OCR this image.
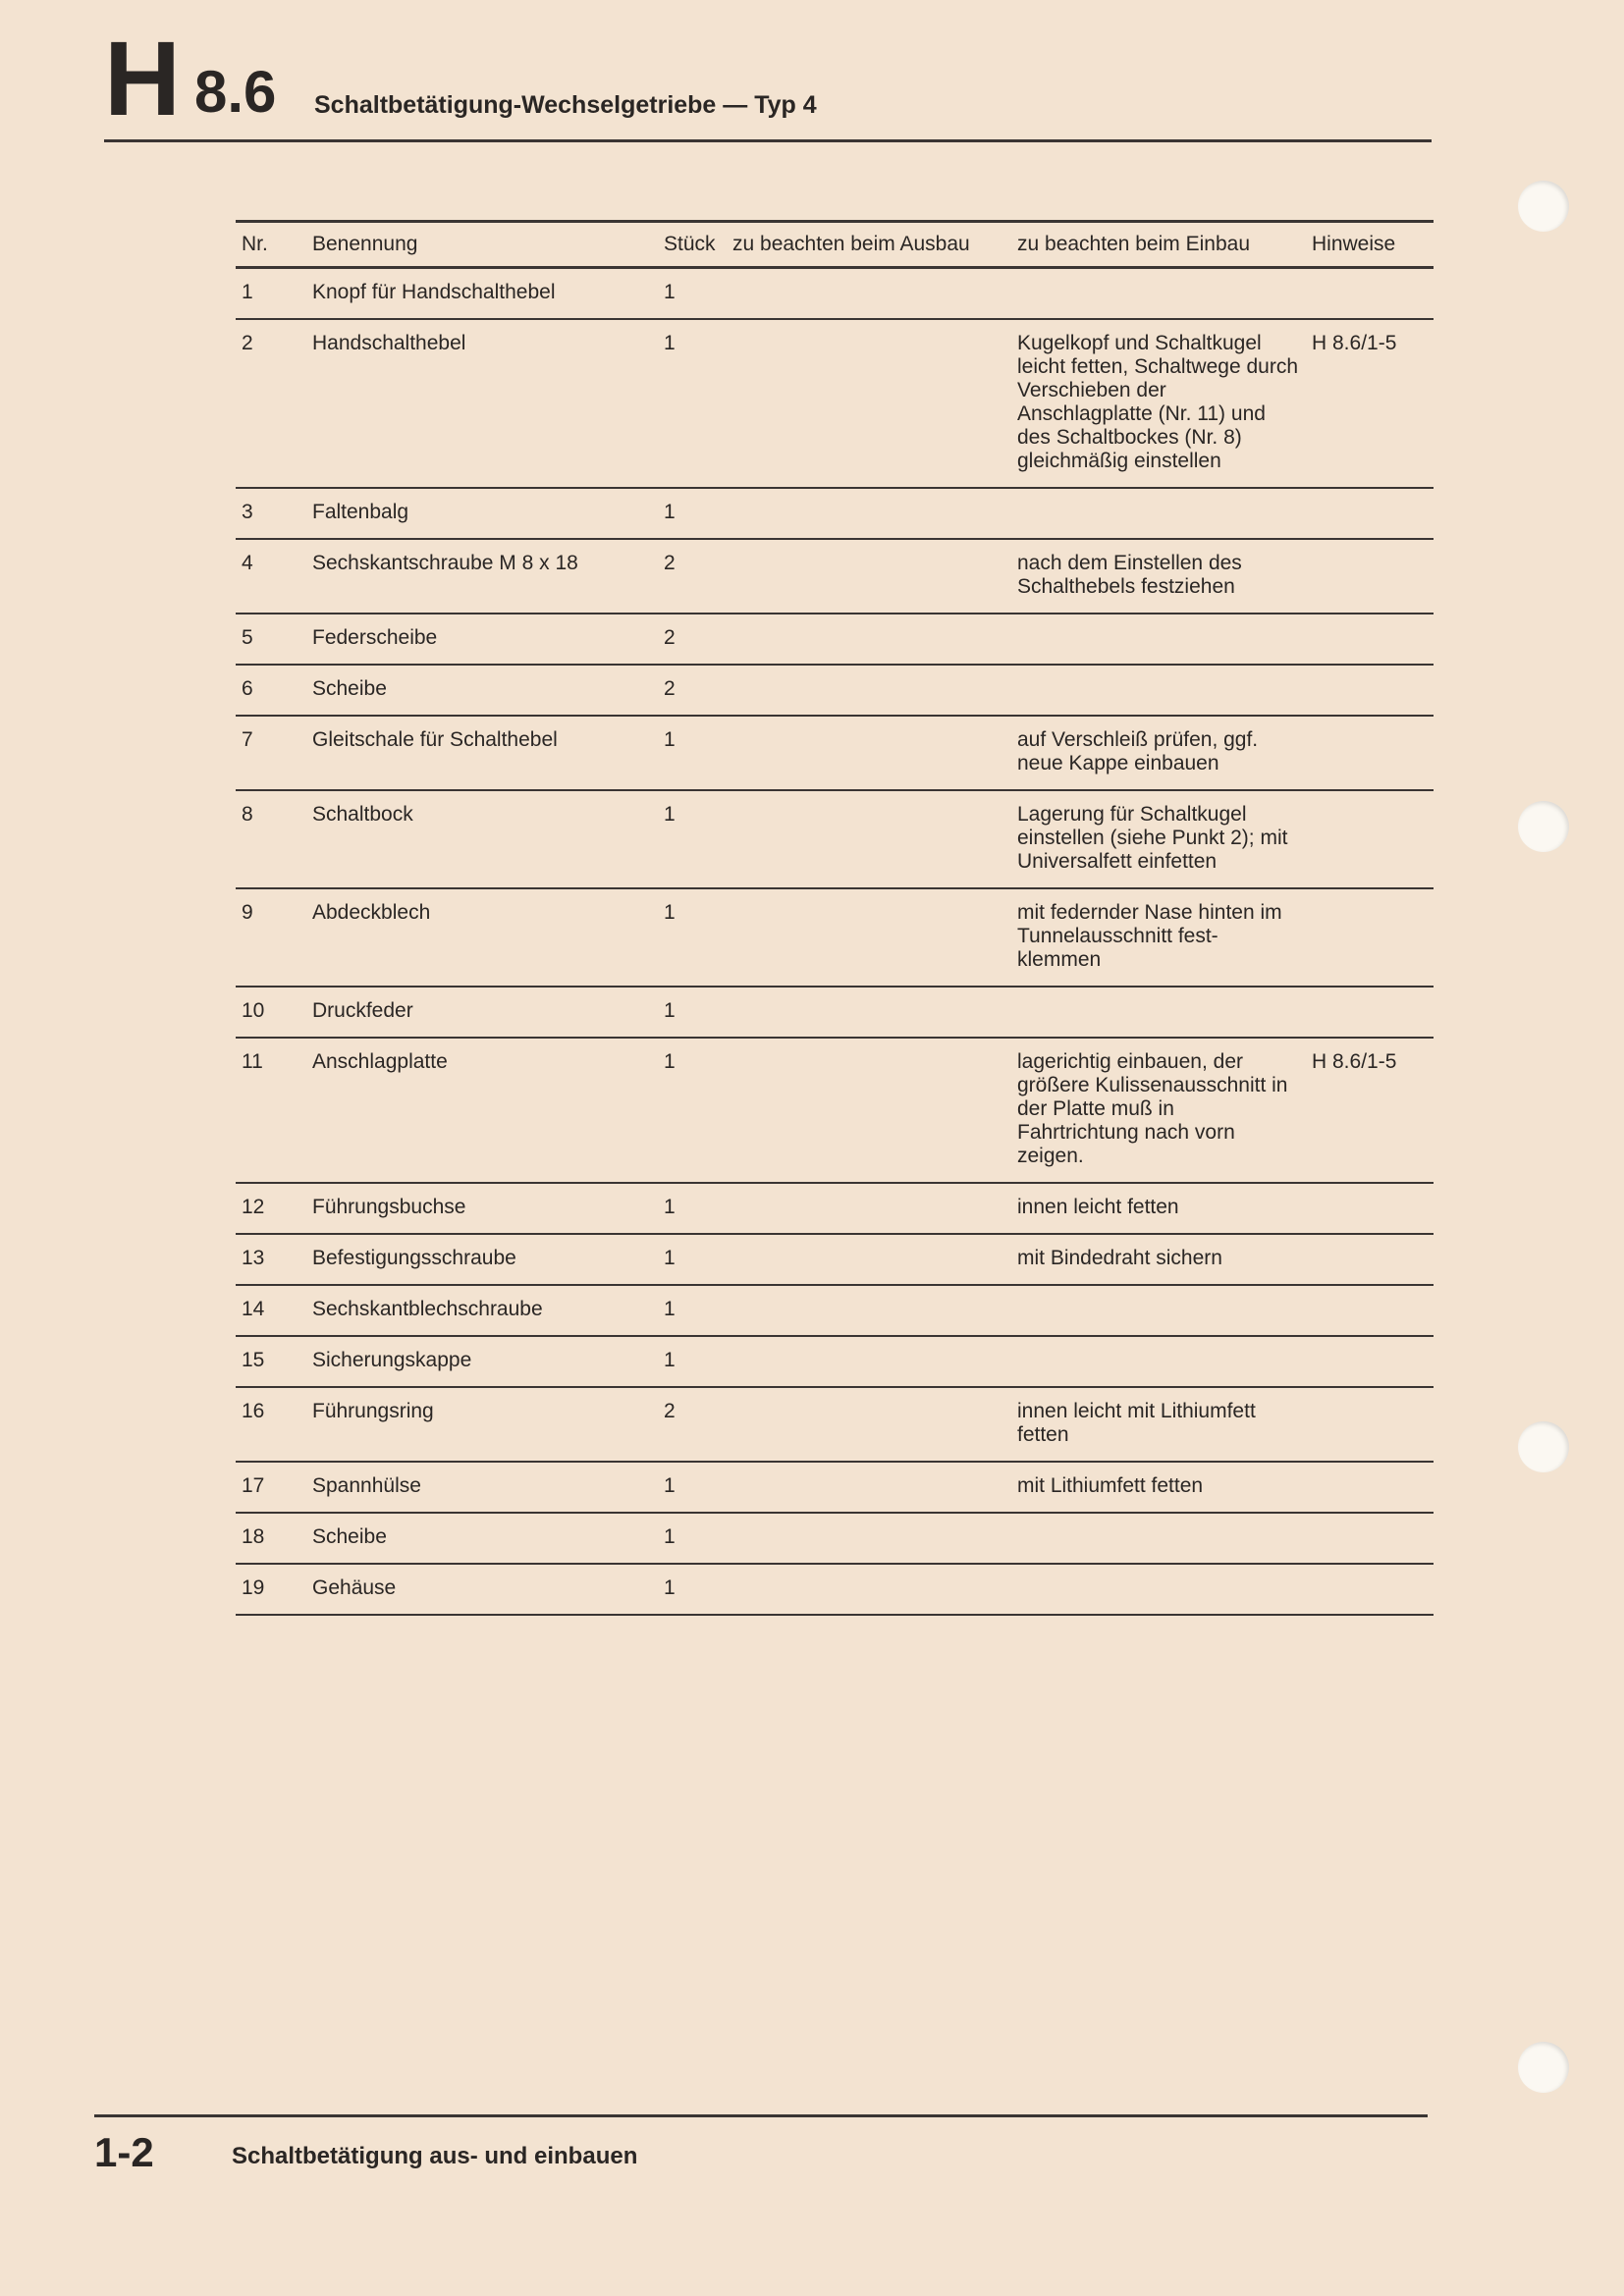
H 8.6 Schaltbetätigung-Wechselgetriebe — Typ 4
Nr.	Benennung	Stück	zu beachten beim Ausbau	zu beachten beim Einbau	Hinweise
1	Knopf für Handschalthebel	1			
2	Handschalthebel	1		Kugelkopf und Schaltkugel leicht fetten, Schaltwege durch Verschieben der Anschlagplatte (Nr. 11) und des Schaltbockes (Nr. 8) gleichmäßig einstellen	H 8.6/1-5
3	Faltenbalg	1			
4	Sechskantschraube M 8 x 18	2		nach dem Einstellen des Schalthebels festziehen	
5	Federscheibe	2			
6	Scheibe	2			
7	Gleitschale für Schalthebel	1		auf Verschleiß prüfen, ggf. neue Kappe einbauen	
8	Schaltbock	1		Lagerung für Schaltkugel einstellen (siehe Punkt 2); mit Universalfett einfetten	
9	Abdeckblech	1		mit federnder Nase hinten im Tunnelausschnitt fest-klemmen	
10	Druckfeder	1			
11	Anschlagplatte	1		lagerichtig einbauen, der größere Kulissenausschnitt in der Platte muß in Fahrtrichtung nach vorn zeigen.	H 8.6/1-5
12	Führungsbuchse	1		innen leicht fetten	
13	Befestigungsschraube	1		mit Bindedraht sichern	
14	Sechskantblechschraube	1			
15	Sicherungskappe	1			
16	Führungsring	2		innen leicht mit Lithiumfett fetten	
17	Spannhülse	1		mit Lithiumfett fetten	
18	Scheibe	1			
19	Gehäuse	1			
1-2	Schaltbetätigung aus- und einbauen
